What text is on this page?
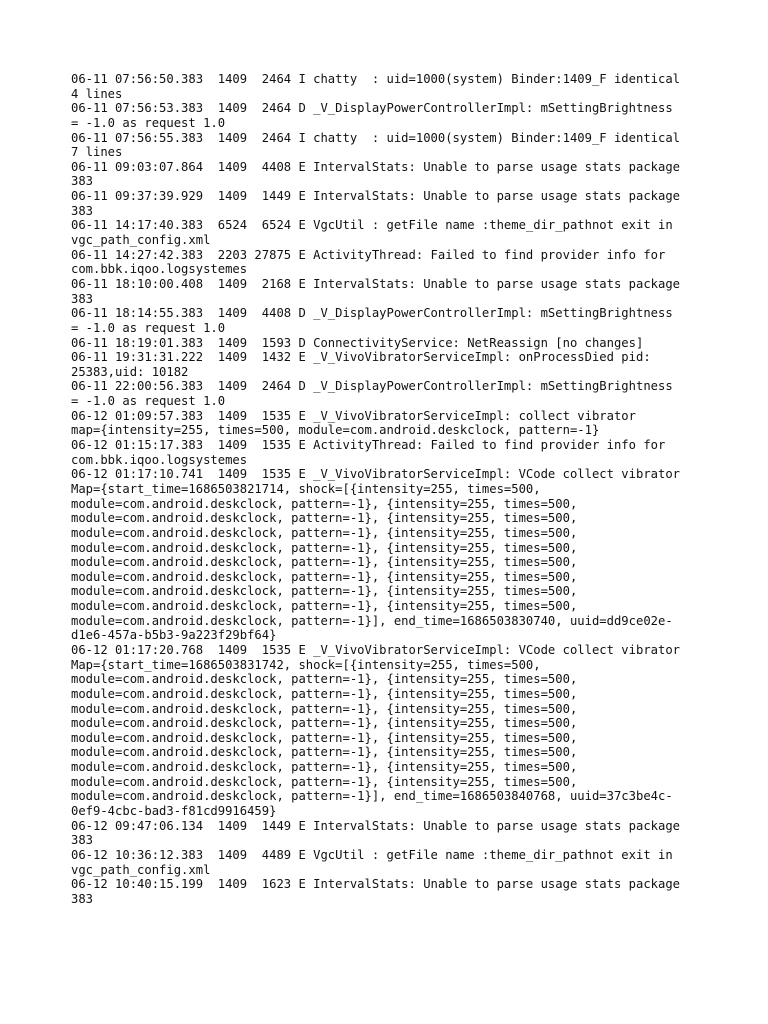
06-11 07:56:50.383  1409  2464 I chatty  : uid=1000(system) Binder:1409_F identical
4 lines
06-11 07:56:53.383  1409  2464 D _V_DisplayPowerControllerImpl: mSettingBrightness
= -1.0 as request 1.0
06-11 07:56:55.383  1409  2464 I chatty  : uid=1000(system) Binder:1409_F identical
7 lines
06-11 09:03:07.864  1409  4408 E IntervalStats: Unable to parse usage stats package
383
06-11 09:37:39.929  1409  1449 E IntervalStats: Unable to parse usage stats package
383
06-11 14:17:40.383  6524  6524 E VgcUtil : getFile name :theme_dir_pathnot exit in
vgc_path_config.xml
06-11 14:27:42.383  2203 27875 E ActivityThread: Failed to find provider info for
com.bbk.iqoo.logsystemes
06-11 18:10:00.408  1409  2168 E IntervalStats: Unable to parse usage stats package
383
06-11 18:14:55.383  1409  4408 D _V_DisplayPowerControllerImpl: mSettingBrightness
= -1.0 as request 1.0
06-11 18:19:01.383  1409  1593 D ConnectivityService: NetReassign [no changes]
06-11 19:31:31.222  1409  1432 E _V_VivoVibratorServiceImpl: onProcessDied pid:
25383,uid: 10182
06-11 22:00:56.383  1409  2464 D _V_DisplayPowerControllerImpl: mSettingBrightness
= -1.0 as request 1.0
06-12 01:09:57.383  1409  1535 E _V_VivoVibratorServiceImpl: collect vibrator
map={intensity=255, times=500, module=com.android.deskclock, pattern=-1}
06-12 01:15:17.383  1409  1535 E ActivityThread: Failed to find provider info for
com.bbk.iqoo.logsystemes
06-12 01:17:10.741  1409  1535 E _V_VivoVibratorServiceImpl: VCode collect vibrator
Map={start_time=1686503821714, shock=[{intensity=255, times=500,
module=com.android.deskclock, pattern=-1}, {intensity=255, times=500,
module=com.android.deskclock, pattern=-1}, {intensity=255, times=500,
module=com.android.deskclock, pattern=-1}, {intensity=255, times=500,
module=com.android.deskclock, pattern=-1}, {intensity=255, times=500,
module=com.android.deskclock, pattern=-1}, {intensity=255, times=500,
module=com.android.deskclock, pattern=-1}, {intensity=255, times=500,
module=com.android.deskclock, pattern=-1}, {intensity=255, times=500,
module=com.android.deskclock, pattern=-1}, {intensity=255, times=500,
module=com.android.deskclock, pattern=-1}], end_time=1686503830740, uuid=dd9ce02e-
d1e6-457a-b5b3-9a223f29bf64}
06-12 01:17:20.768  1409  1535 E _V_VivoVibratorServiceImpl: VCode collect vibrator
Map={start_time=1686503831742, shock=[{intensity=255, times=500,
module=com.android.deskclock, pattern=-1}, {intensity=255, times=500,
module=com.android.deskclock, pattern=-1}, {intensity=255, times=500,
module=com.android.deskclock, pattern=-1}, {intensity=255, times=500,
module=com.android.deskclock, pattern=-1}, {intensity=255, times=500,
module=com.android.deskclock, pattern=-1}, {intensity=255, times=500,
module=com.android.deskclock, pattern=-1}, {intensity=255, times=500,
module=com.android.deskclock, pattern=-1}, {intensity=255, times=500,
module=com.android.deskclock, pattern=-1}, {intensity=255, times=500,
module=com.android.deskclock, pattern=-1}], end_time=1686503840768, uuid=37c3be4c-
0ef9-4cbc-bad3-f81cd9916459}
06-12 09:47:06.134  1409  1449 E IntervalStats: Unable to parse usage stats package
383
06-12 10:36:12.383  1409  4489 E VgcUtil : getFile name :theme_dir_pathnot exit in
vgc_path_config.xml
06-12 10:40:15.199  1409  1623 E IntervalStats: Unable to parse usage stats package
383
